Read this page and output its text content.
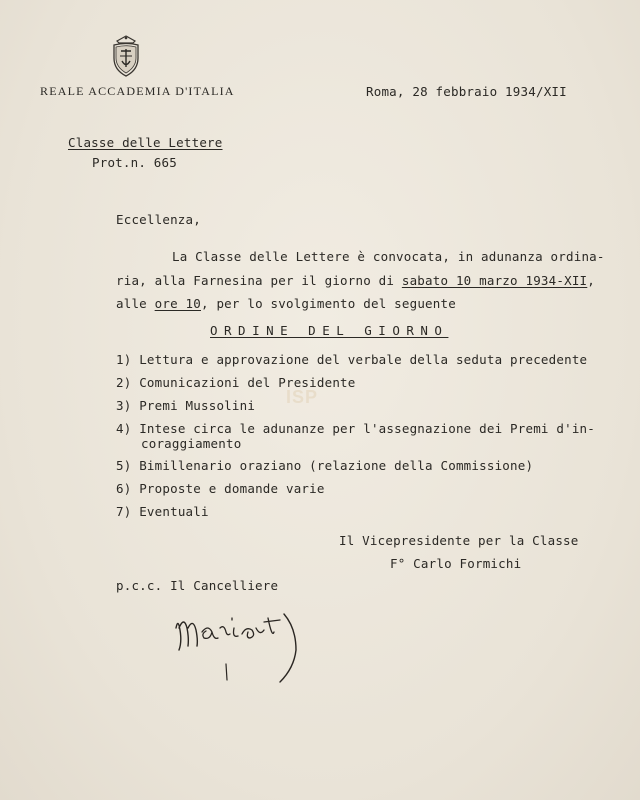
REALE ACCADEMIA D'ITALIA	Roma, 28 febbraio 1934/XII
Classe delle Lettere
Prot.n. 665
Eccellenza,
La Classe delle Lettere è convocata, in adunanza ordina-
ria, alla Farnesina per il giorno di sabato 10 marzo 1934-XII,
alle ore 10, per lo svolgimento del seguente
ORDINE DEL GIORNO
1) Lettura e approvazione del verbale della seduta precedente
2) Comunicazioni del Presidente
3) Premi Mussolini
4) Intese circa le adunanze per l'assegnazione dei Premi d'in-
coraggiamento
5) Bimillenario oraziano (relazione della Commissione)
6) Proposte e domande varie
7) Eventuali
ISP
Il Vicepresidente per la Classe
F° Carlo Formichi
p.c.c. Il Cancelliere
